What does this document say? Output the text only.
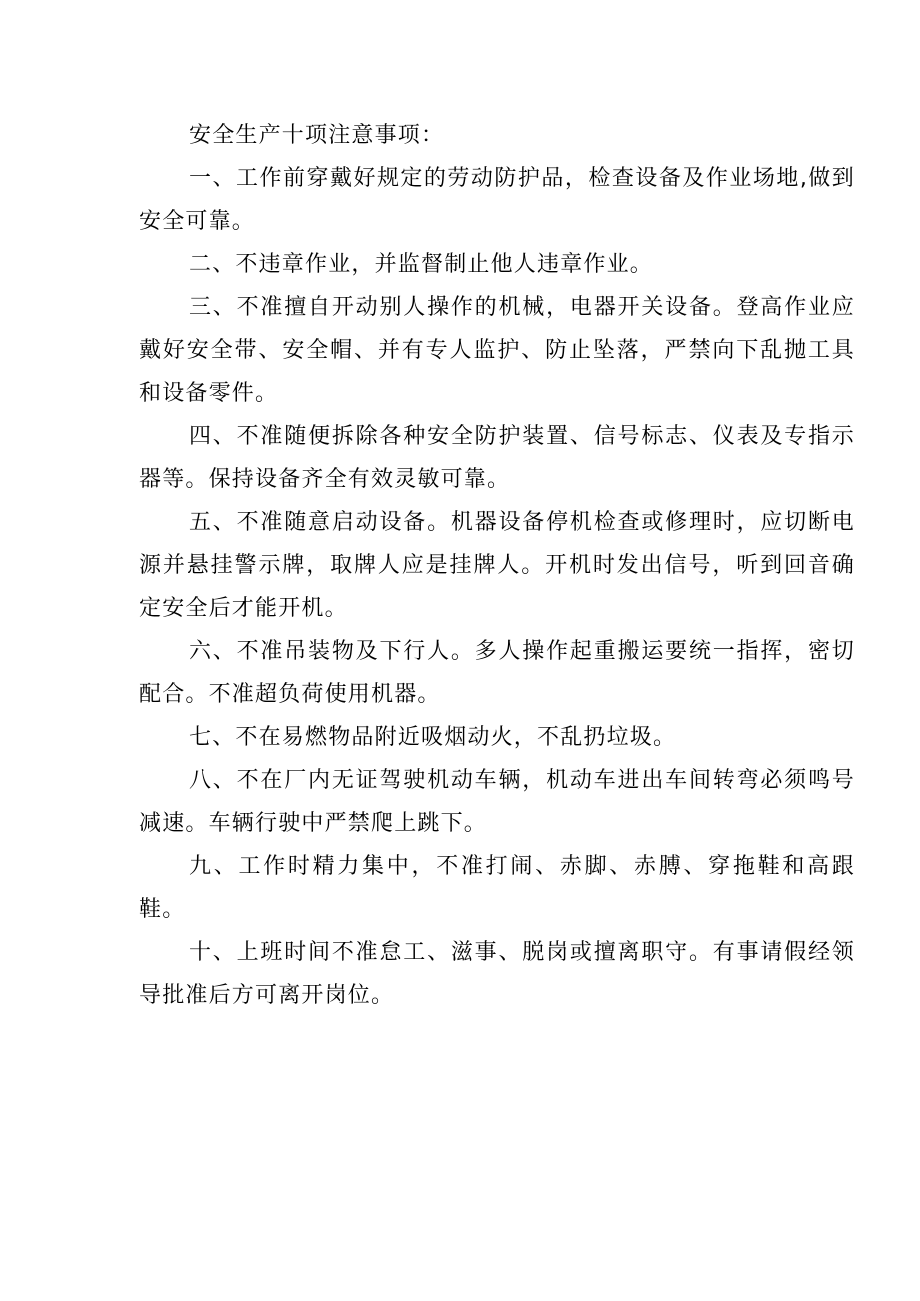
安全生产十项注意事项：

一、工作前穿戴好规定的劳动防护品，检查设备及作业场地,做到安全可靠。

二、不违章作业，并监督制止他人违章作业。

三、不准擅自开动别人操作的机械，电器开关设备。登高作业应戴好安全带、安全帽、并有专人监护、防止坠落，严禁向下乱抛工具和设备零件。

四、不准随便拆除各种安全防护装置、信号标志、仪表及专指示器等。保持设备齐全有效灵敏可靠。

五、不准随意启动设备。机器设备停机检查或修理时，应切断电源并悬挂警示牌，取牌人应是挂牌人。开机时发出信号，听到回音确定安全后才能开机。

六、不准吊装物及下行人。多人操作起重搬运要统一指挥，密切配合。不准超负荷使用机器。

七、不在易燃物品附近吸烟动火，不乱扔垃圾。

八、不在厂内无证驾驶机动车辆，机动车进出车间转弯必须鸣号减速。车辆行驶中严禁爬上跳下。

九、工作时精力集中，不准打闹、赤脚、赤膊、穿拖鞋和高跟鞋。

十、上班时间不准怠工、滋事、脱岗或擅离职守。有事请假经领导批准后方可离开岗位。
